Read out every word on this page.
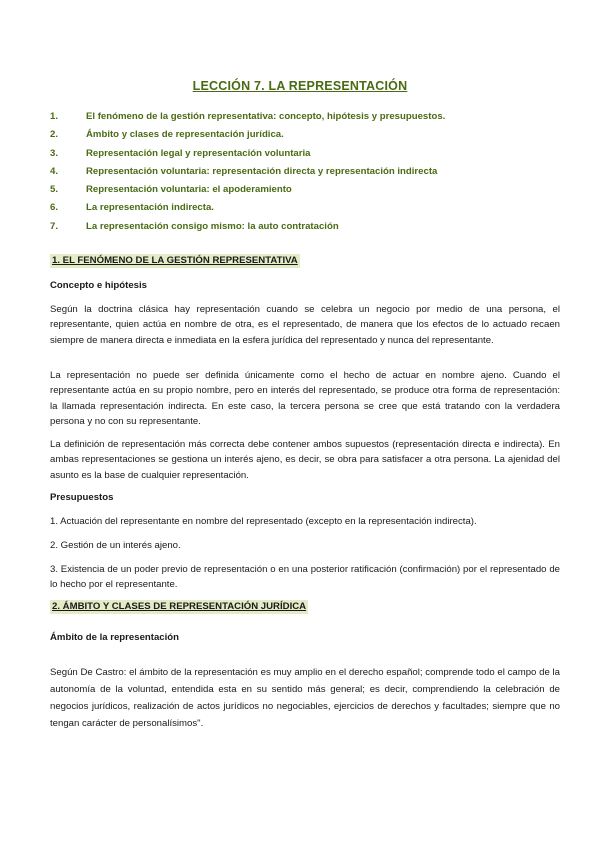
LECCIÓN 7. LA REPRESENTACIÓN
1.	El fenómeno de la gestión representativa: concepto, hipótesis y presupuestos.
2.	Ámbito y clases de representación jurídica.
3.	Representación legal y representación voluntaria
4.	Representación voluntaria: representación directa y representación indirecta
5.	Representación voluntaria: el apoderamiento
6.	La representación indirecta.
7.	La representación consigo mismo: la auto contratación
1. EL FENÓMENO DE LA GESTIÓN REPRESENTATIVA
Concepto e hipótesis

Según la doctrina clásica hay representación cuando se celebra un negocio por medio de una persona, el representante, quien actúa en nombre de otra, es el representado, de manera que los efectos de lo actuado recaen siempre de manera directa e inmediata en la esfera jurídica del representado y nunca del representante.

La representación no puede ser definida únicamente como el hecho de actuar en nombre ajeno. Cuando el representante actúa en su propio nombre, pero en interés del representado, se produce otra forma de representación: la llamada representación indirecta. En este caso, la tercera persona se cree que está tratando con la verdadera persona y no con su representante.

La definición de representación más correcta debe contener ambos supuestos (representación directa e indirecta). En ambas representaciones se gestiona un interés ajeno, es decir, se obra para satisfacer a otra persona. La ajenidad del asunto es la base de cualquier representación.

Presupuestos

1. Actuación del representante en nombre del representado (excepto en la representación indirecta).

2. Gestión de un interés ajeno.

3. Existencia de un poder previo de representación o en una posterior ratificación (confirmación) por el representado de lo hecho por el representante.

2. ÁMBITO Y CLASES DE REPRESENTACIÓN JURÍDICA
Ámbito de la representación

Según De Castro: el ámbito de la representación es muy amplio en el derecho español; comprende todo el campo de la autonomía de la voluntad, entendida esta en su sentido más general; es decir, comprendiendo la celebración de negocios jurídicos, realización de actos jurídicos no negociables, ejercicios de derechos y facultades; siempre que no tengan carácter de personalísimos".
